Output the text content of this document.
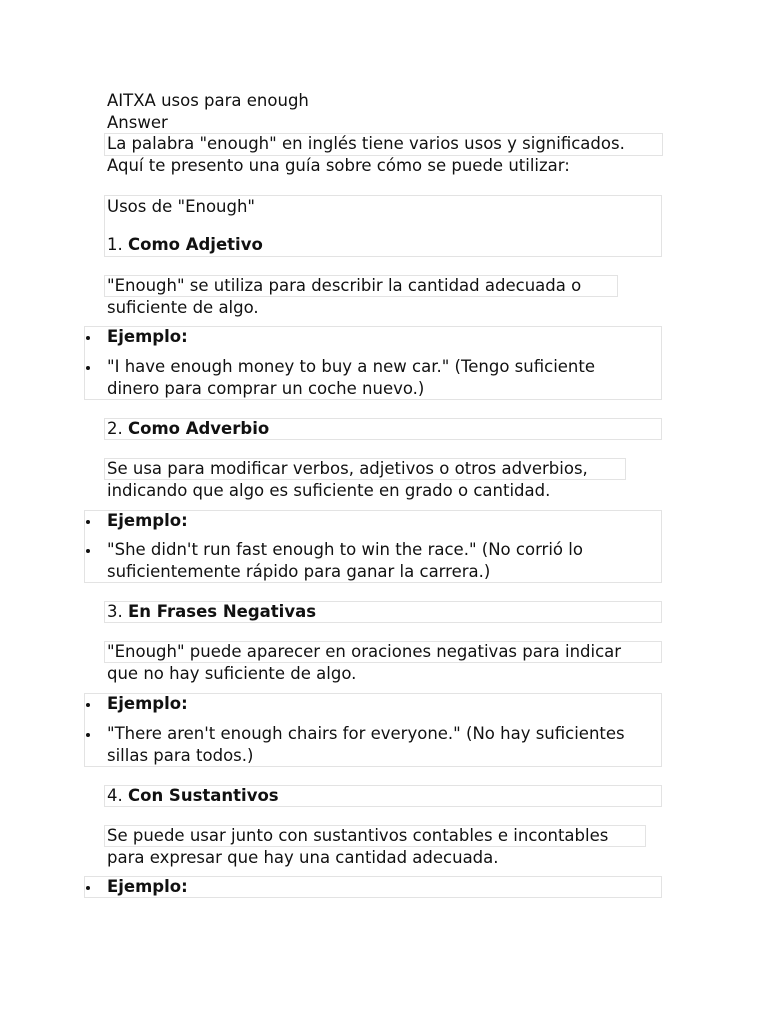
AITXA usos para enough
Answer
La palabra "enough" en inglés tiene varios usos y significados.
Aquí te presento una guía sobre cómo se puede utilizar:
Usos de "Enough"
1. Como Adjetivo
"Enough" se utiliza para describir la cantidad adecuada o
suficiente de algo.
Ejemplo:
"I have enough money to buy a new car." (Tengo suficiente
dinero para comprar un coche nuevo.)
2. Como Adverbio
Se usa para modificar verbos, adjetivos o otros adverbios,
indicando que algo es suficiente en grado o cantidad.
Ejemplo:
"She didn't run fast enough to win the race." (No corrió lo
suficientemente rápido para ganar la carrera.)
3. En Frases Negativas
"Enough" puede aparecer en oraciones negativas para indicar
que no hay suficiente de algo.
Ejemplo:
"There aren't enough chairs for everyone." (No hay suficientes
sillas para todos.)
4. Con Sustantivos
Se puede usar junto con sustantivos contables e incontables
para expresar que hay una cantidad adecuada.
Ejemplo:
